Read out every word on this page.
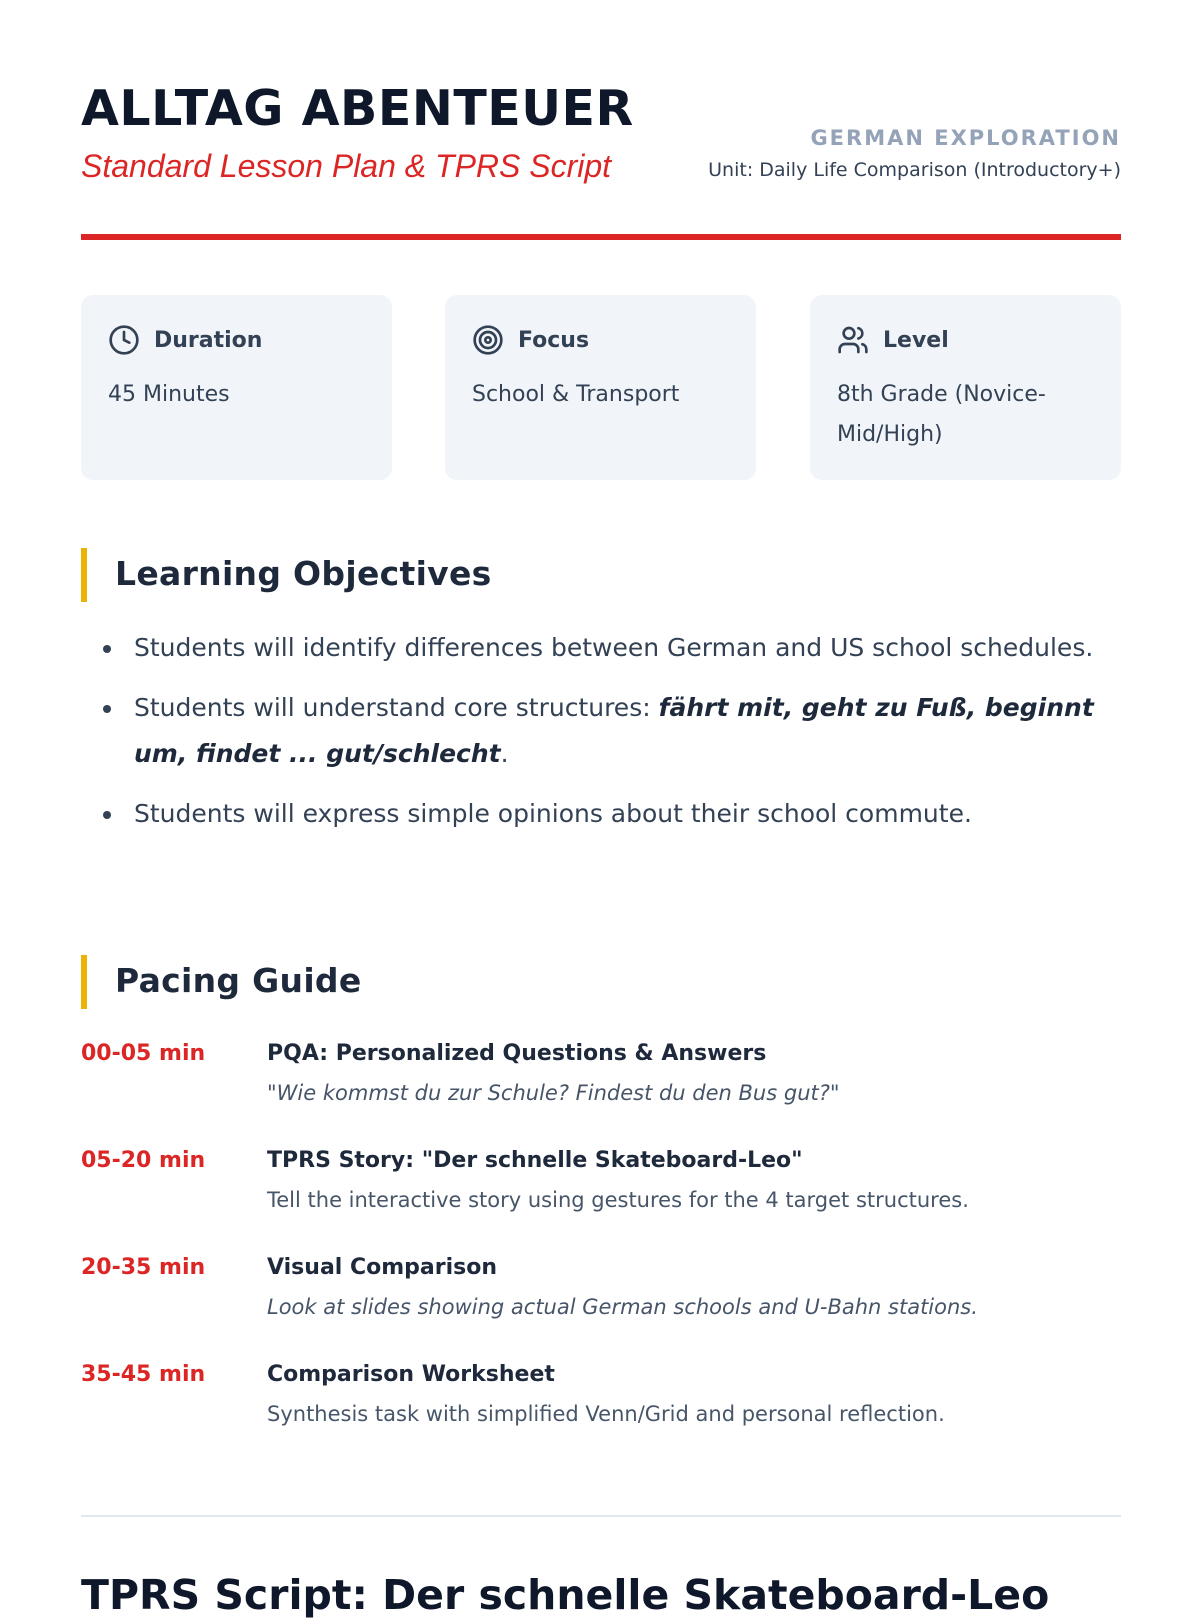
ALLTAG ABENTEUER
Standard Lesson Plan & TPRS Script
GERMAN EXPLORATION
Unit: Daily Life Comparison (Introductory+)
Duration
45 Minutes
Focus
School & Transport
Level
8th Grade (Novice-Mid/High)
Learning Objectives
Students will identify differences between German and US school schedules.
Students will understand core structures: fährt mit, geht zu Fuß, beginnt um, findet ... gut/schlecht.
Students will express simple opinions about their school commute.
Pacing Guide
00-05 min	PQA: Personalized Questions & Answers
"Wie kommst du zur Schule? Findest du den Bus gut?"
05-20 min	TPRS Story: "Der schnelle Skateboard-Leo"
Tell the interactive story using gestures for the 4 target structures.
20-35 min	Visual Comparison
Look at slides showing actual German schools and U-Bahn stations.
35-45 min	Comparison Worksheet
Synthesis task with simplified Venn/Grid and personal reflection.
TPRS Script: Der schnelle Skateboard-Leo
